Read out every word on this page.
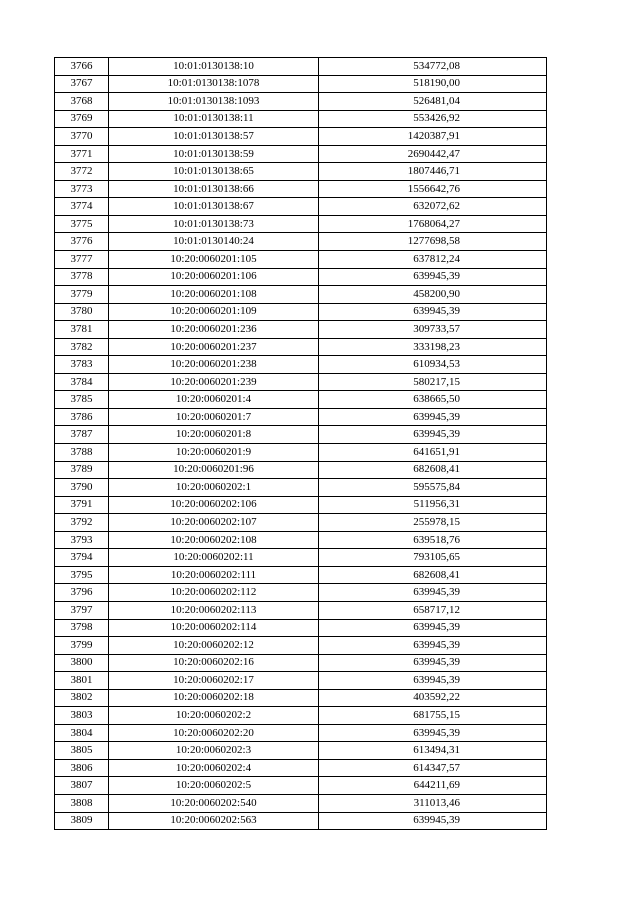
3766	10:01:0130138:10	534772,08
3767	10:01:0130138:1078	518190,00
3768	10:01:0130138:1093	526481,04
3769	10:01:0130138:11	553426,92
3770	10:01:0130138:57	1420387,91
3771	10:01:0130138:59	2690442,47
3772	10:01:0130138:65	1807446,71
3773	10:01:0130138:66	1556642,76
3774	10:01:0130138:67	632072,62
3775	10:01:0130138:73	1768064,27
3776	10:01:0130140:24	1277698,58
3777	10:20:0060201:105	637812,24
3778	10:20:0060201:106	639945,39
3779	10:20:0060201:108	458200,90
3780	10:20:0060201:109	639945,39
3781	10:20:0060201:236	309733,57
3782	10:20:0060201:237	333198,23
3783	10:20:0060201:238	610934,53
3784	10:20:0060201:239	580217,15
3785	10:20:0060201:4	638665,50
3786	10:20:0060201:7	639945,39
3787	10:20:0060201:8	639945,39
3788	10:20:0060201:9	641651,91
3789	10:20:0060201:96	682608,41
3790	10:20:0060202:1	595575,84
3791	10:20:0060202:106	511956,31
3792	10:20:0060202:107	255978,15
3793	10:20:0060202:108	639518,76
3794	10:20:0060202:11	793105,65
3795	10:20:0060202:111	682608,41
3796	10:20:0060202:112	639945,39
3797	10:20:0060202:113	658717,12
3798	10:20:0060202:114	639945,39
3799	10:20:0060202:12	639945,39
3800	10:20:0060202:16	639945,39
3801	10:20:0060202:17	639945,39
3802	10:20:0060202:18	403592,22
3803	10:20:0060202:2	681755,15
3804	10:20:0060202:20	639945,39
3805	10:20:0060202:3	613494,31
3806	10:20:0060202:4	614347,57
3807	10:20:0060202:5	644211,69
3808	10:20:0060202:540	311013,46
3809	10:20:0060202:563	639945,39
